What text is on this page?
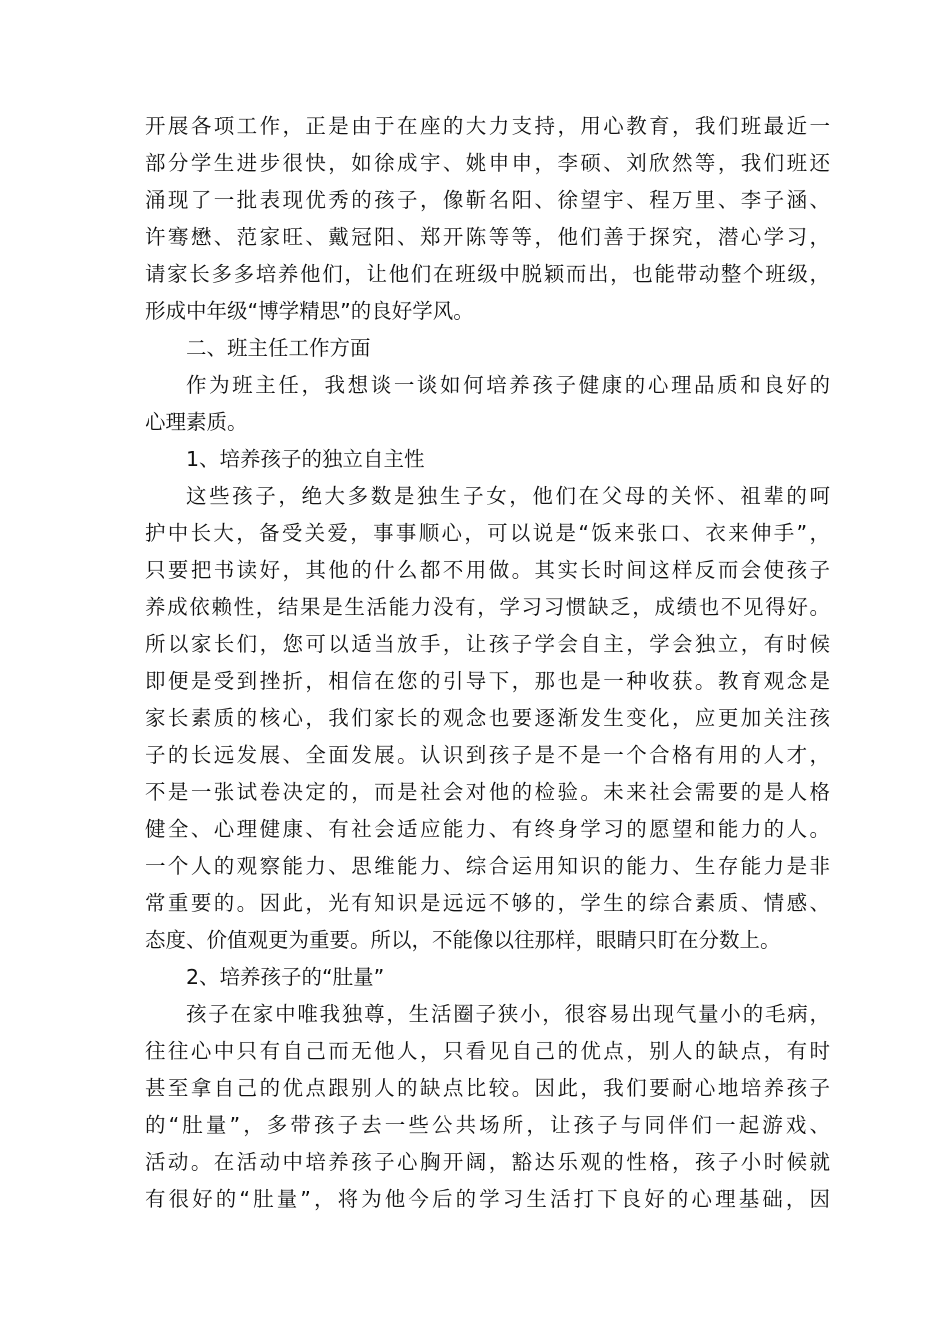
开展各项工作，正是由于在座的大力支持，用心教育，我们班最近一
部分学生进步很快，如徐成宇、姚申申，李硕、刘欣然等，我们班还
涌现了一批表现优秀的孩子，像靳名阳、徐望宇、程万里、李子涵、
许骞懋、范家旺、戴冠阳、郑开陈等等，他们善于探究，潜心学习，
请家长多多培养他们，让他们在班级中脱颖而出，也能带动整个班级，
形成中年级“博学精思”的良好学风。
二、班主任工作方面
作为班主任，我想谈一谈如何培养孩子健康的心理品质和良好的
心理素质。
1、培养孩子的独立自主性
这些孩子，绝大多数是独生子女，他们在父母的关怀、祖辈的呵
护中长大，备受关爱，事事顺心，可以说是“饭来张口、衣来伸手”，
只要把书读好，其他的什么都不用做。其实长时间这样反而会使孩子
养成依赖性，结果是生活能力没有，学习习惯缺乏，成绩也不见得好。
所以家长们，您可以适当放手，让孩子学会自主，学会独立，有时候
即便是受到挫折，相信在您的引导下，那也是一种收获。教育观念是
家长素质的核心，我们家长的观念也要逐渐发生变化，应更加关注孩
子的长远发展、全面发展。认识到孩子是不是一个合格有用的人才，
不是一张试卷决定的，而是社会对他的检验。未来社会需要的是人格
健全、心理健康、有社会适应能力、有终身学习的愿望和能力的人。
一个人的观察能力、思维能力、综合运用知识的能力、生存能力是非
常重要的。因此，光有知识是远远不够的，学生的综合素质、情感、
态度、价值观更为重要。所以，不能像以往那样，眼睛只盯在分数上。
2、培养孩子的“肚量”
孩子在家中唯我独尊，生活圈子狭小，很容易出现气量小的毛病，
往往心中只有自己而无他人，只看见自己的优点，别人的缺点，有时
甚至拿自己的优点跟别人的缺点比较。因此，我们要耐心地培养孩子
的“肚量”，多带孩子去一些公共场所，让孩子与同伴们一起游戏、
活动。在活动中培养孩子心胸开阔，豁达乐观的性格，孩子小时候就
有很好的“肚量”，将为他今后的学习生活打下良好的心理基础，因
